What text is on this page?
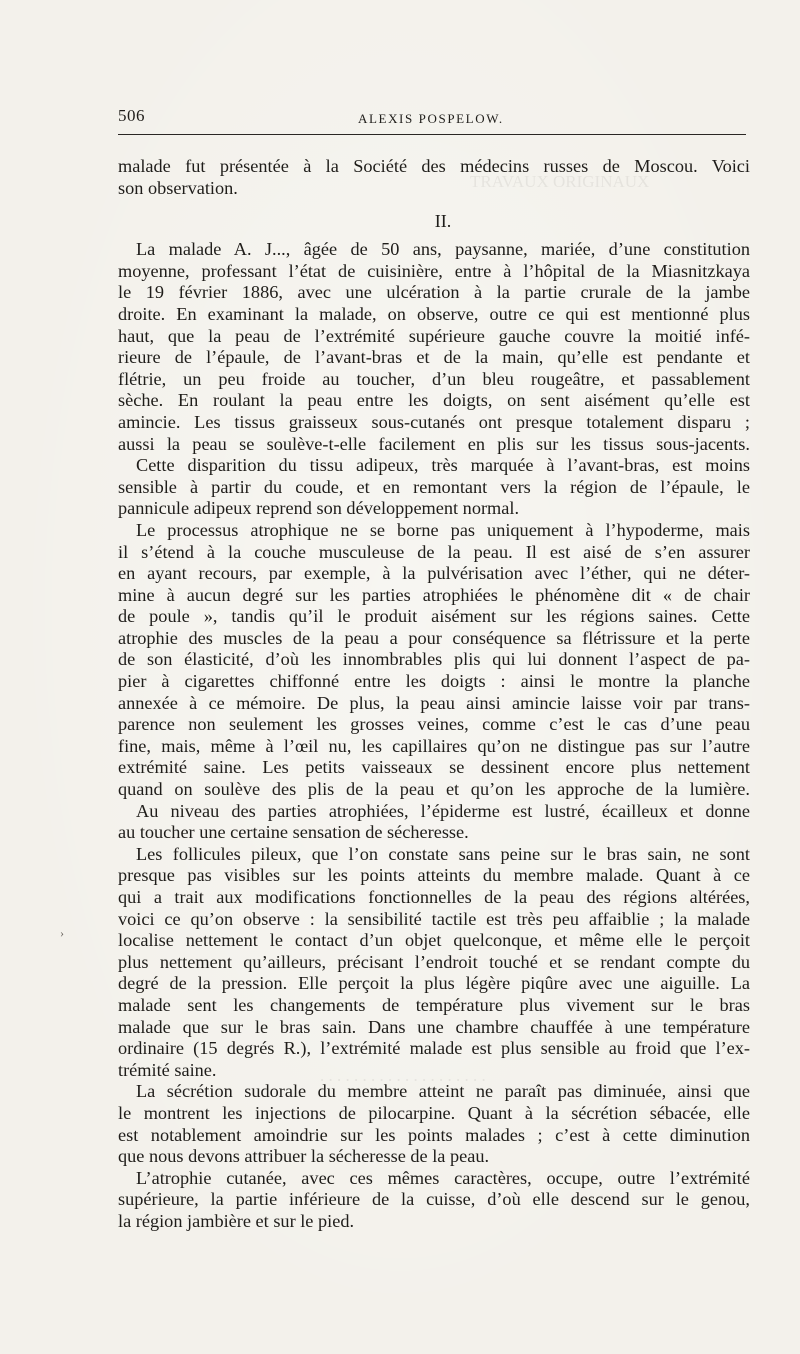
TRAVAUX ORIGINAUX
. . . . . . . . . . . . . . . . . . . .
506	ALEXIS POSPELOW.
›
malade fut présentée à la Société des médecins russes de Moscou. Voici
son observation.
II.
La malade A. J..., âgée de 50 ans, paysanne, mariée, d’une constitution
moyenne, professant l’état de cuisinière, entre à l’hôpital de la Miasnitzkaya
le 19 février 1886, avec une ulcération à la partie crurale de la jambe
droite. En examinant la malade, on observe, outre ce qui est mentionné plus
haut, que la peau de l’extrémité supérieure gauche couvre la moitié infé-
rieure de l’épaule, de l’avant-bras et de la main, qu’elle est pendante et
flétrie, un peu froide au toucher, d’un bleu rougeâtre, et passablement
sèche. En roulant la peau entre les doigts, on sent aisément qu’elle est
amincie. Les tissus graisseux sous-cutanés ont presque totalement disparu ;
aussi la peau se soulève-t-elle facilement en plis sur les tissus sous-jacents.
Cette disparition du tissu adipeux, très marquée à l’avant-bras, est moins
sensible à partir du coude, et en remontant vers la région de l’épaule, le
pannicule adipeux reprend son développement normal.
Le processus atrophique ne se borne pas uniquement à l’hypoderme, mais
il s’étend à la couche musculeuse de la peau. Il est aisé de s’en assurer
en ayant recours, par exemple, à la pulvérisation avec l’éther, qui ne déter-
mine à aucun degré sur les parties atrophiées le phénomène dit « de chair
de poule », tandis qu’il le produit aisément sur les régions saines. Cette
atrophie des muscles de la peau a pour conséquence sa flétrissure et la perte
de son élasticité, d’où les innombrables plis qui lui donnent l’aspect de pa-
pier à cigarettes chiffonné entre les doigts : ainsi le montre la planche
annexée à ce mémoire. De plus, la peau ainsi amincie laisse voir par trans-
parence non seulement les grosses veines, comme c’est le cas d’une peau
fine, mais, même à l’œil nu, les capillaires qu’on ne distingue pas sur l’autre
extrémité saine. Les petits vaisseaux se dessinent encore plus nettement
quand on soulève des plis de la peau et qu’on les approche de la lumière.
Au niveau des parties atrophiées, l’épiderme est lustré, écailleux et donne
au toucher une certaine sensation de sécheresse.
Les follicules pileux, que l’on constate sans peine sur le bras sain, ne sont
presque pas visibles sur les points atteints du membre malade. Quant à ce
qui a trait aux modifications fonctionnelles de la peau des régions altérées,
voici ce qu’on observe : la sensibilité tactile est très peu affaiblie ; la malade
localise nettement le contact d’un objet quelconque, et même elle le perçoit
plus nettement qu’ailleurs, précisant l’endroit touché et se rendant compte du
degré de la pression. Elle perçoit la plus légère piqûre avec une aiguille. La
malade sent les changements de température plus vivement sur le bras
malade que sur le bras sain. Dans une chambre chauffée à une température
ordinaire (15 degrés R.), l’extrémité malade est plus sensible au froid que l’ex-
trémité saine.
La sécrétion sudorale du membre atteint ne paraît pas diminuée, ainsi que
le montrent les injections de pilocarpine. Quant à la sécrétion sébacée, elle
est notablement amoindrie sur les points malades ; c’est à cette diminution
que nous devons attribuer la sécheresse de la peau.
L’atrophie cutanée, avec ces mêmes caractères, occupe, outre l’extrémité
supérieure, la partie inférieure de la cuisse, d’où elle descend sur le genou,
la région jambière et sur le pied.
